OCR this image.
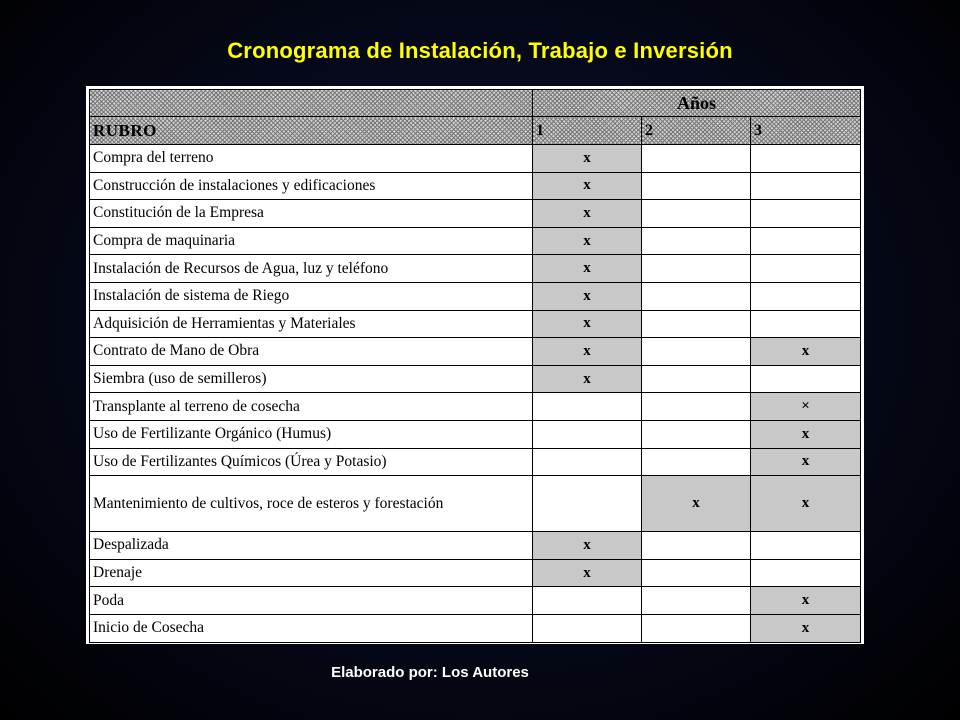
Cronograma de Instalación, Trabajo e Inversión
	Años		
RUBRO	1	2	3
Compra del terreno	x		
Construcción de instalaciones y edificaciones	x		
Constitución de la Empresa	x		
Compra de maquinaria	x		
Instalación de Recursos de Agua, luz y teléfono	x		
Instalación de sistema de Riego	x		
Adquisición de Herramientas y Materiales	x		
Contrato de Mano de Obra	x		x
Siembra (uso de semilleros)	x		
Transplante al terreno de cosecha			×
Uso de Fertilizante Orgánico (Humus)			x
Uso de Fertilizantes Químicos (Úrea y Potasio)			x
Mantenimiento de cultivos, roce de esteros y forestación		x	x
Despalizada	x		
Drenaje	x		
Poda			x
Inicio de Cosecha			x
Elaborado por: Los Autores
